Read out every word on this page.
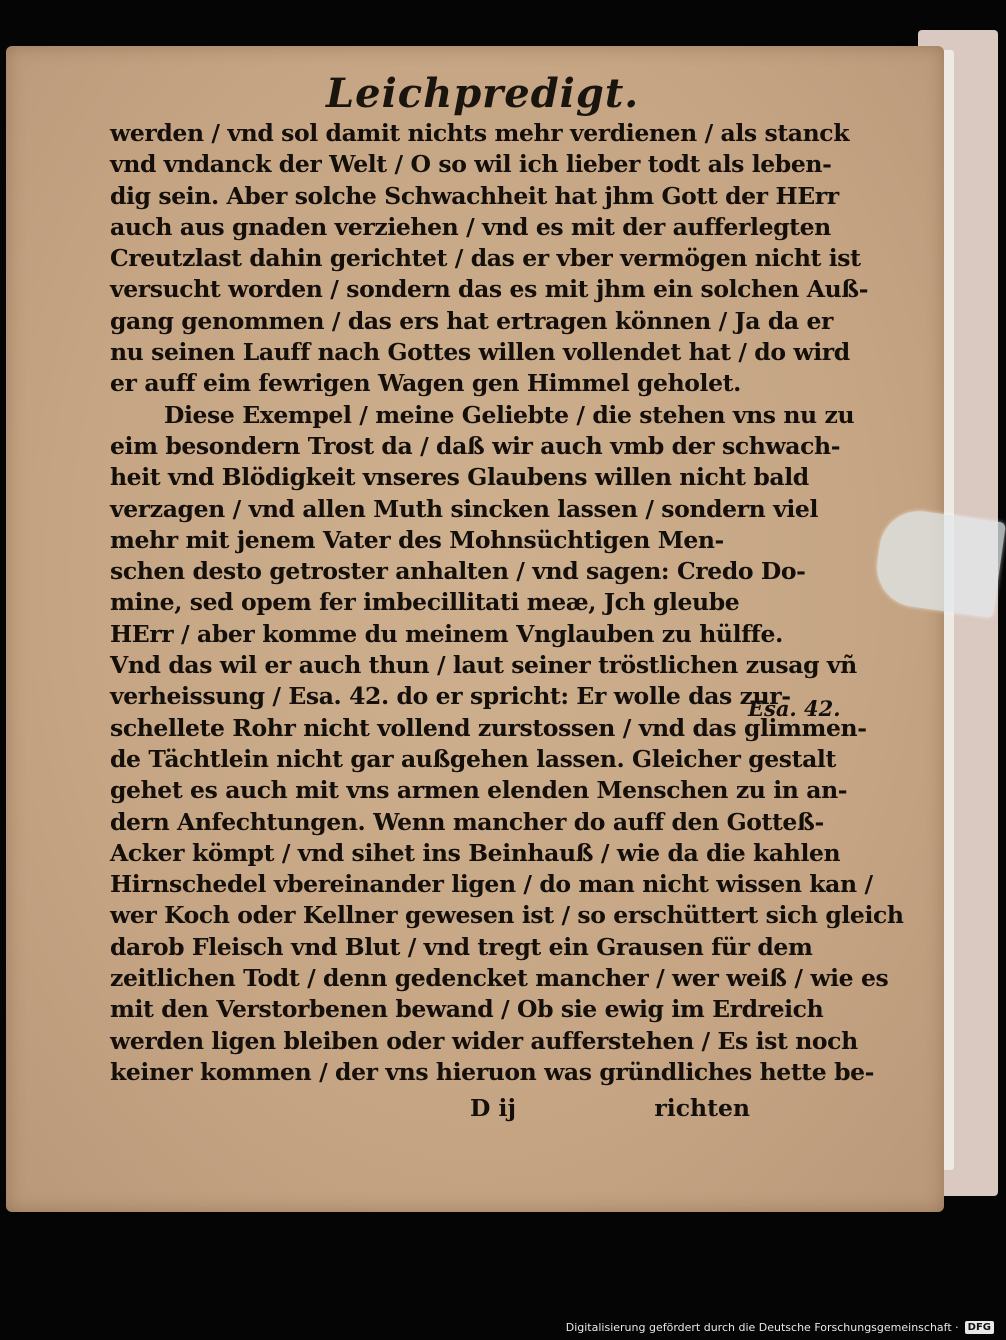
Leichpredigt.
werden / vnd sol damit nichts mehr verdienen / als stanck
vnd vndanck der Welt / O so wil ich lieber todt als leben-
dig sein. Aber solche Schwachheit hat jhm Gott der HErr
auch aus gnaden verziehen / vnd es mit der aufferlegten
Creutzlast dahin gerichtet / das er vber vermögen nicht ist
versucht worden / sondern das es mit jhm ein solchen Auß-
gang genommen / das ers hat ertragen können / Ja da er
nu seinen Lauff nach Gottes willen vollendet hat / do wird
er auff eim fewrigen Wagen gen Himmel geholet.
Diese Exempel / meine Geliebte / die stehen vns nu zu
eim besondern Trost da / daß wir auch vmb der schwach-
heit vnd Blödigkeit vnseres Glaubens willen nicht bald
verzagen / vnd allen Muth sincken lassen / sondern viel
mehr mit jenem Vater des Mohnsüchtigen Men-
schen desto getroster anhalten / vnd sagen: Credo Do-
mine, sed opem fer imbecillitati meæ, Jch gleube
HErr / aber komme du meinem Vnglauben zu hülffe.
Vnd das wil er auch thun / laut seiner tröstlichen zusag vñ
verheissung / Esa. 42. do er spricht: Er wolle das zur-
schellete Rohr nicht vollend zurstossen / vnd das glimmen-
de Tächtlein nicht gar außgehen lassen. Gleicher gestalt
gehet es auch mit vns armen elenden Menschen zu in an-
dern Anfechtungen. Wenn mancher do auff den Gotteß-
Acker kömpt / vnd sihet ins Beinhauß / wie da die kahlen
Hirnschedel vbereinander ligen / do man nicht wissen kan /
wer Koch oder Kellner gewesen ist / so erschüttert sich gleich
darob Fleisch vnd Blut / vnd tregt ein Grausen für dem
zeitlichen Todt / denn gedencket mancher / wer weiß / wie es
mit den Verstorbenen bewand / Ob sie ewig im Erdreich
werden ligen bleiben oder wider aufferstehen / Es ist noch
keiner kommen / der vns hieruon was gründliches hette be-
Esa. 42.
D ij	richten
Digitalisierung gefördert durch die Deutsche Forschungsgemeinschaft · DFG
